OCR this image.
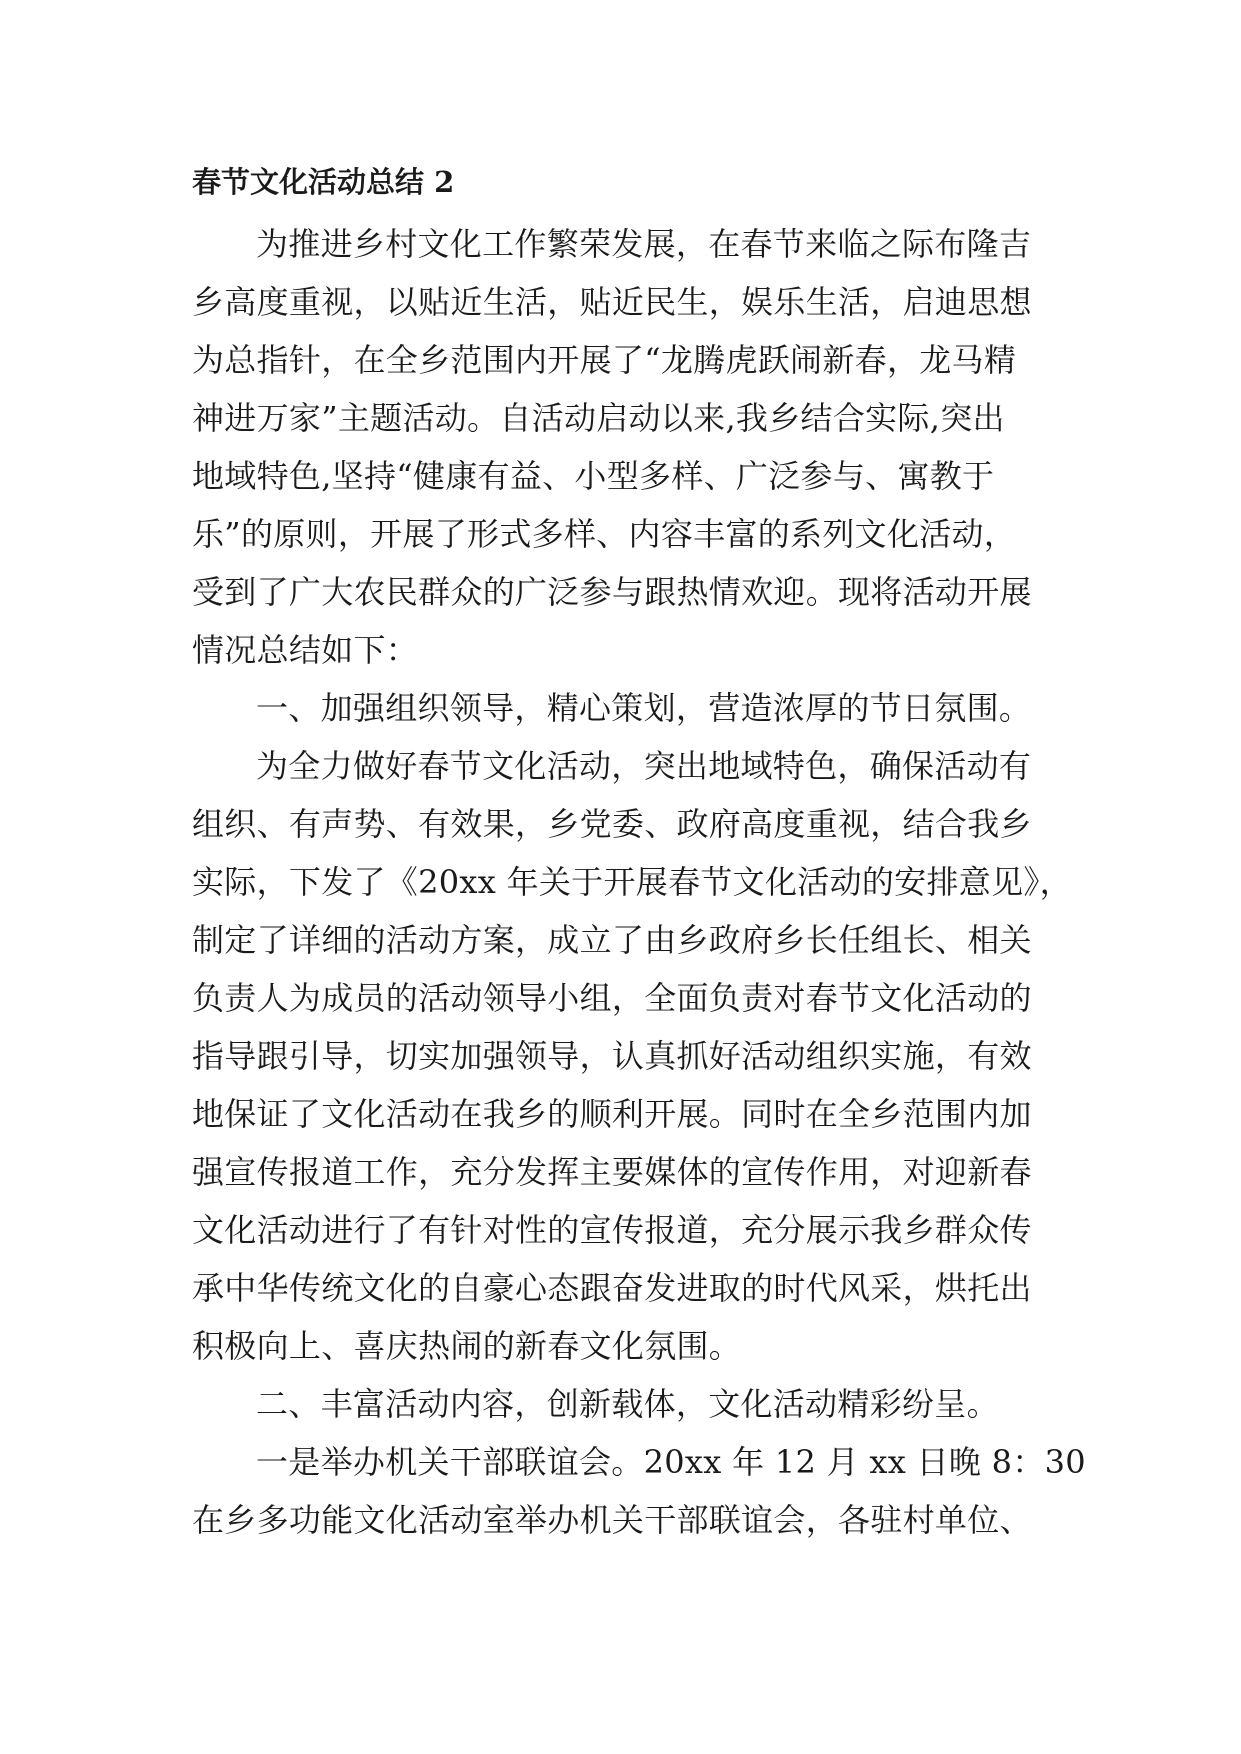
春节文化活动总结 2
为推进乡村文化工作繁荣发展，在春节来临之际布隆吉
乡高度重视，以贴近生活，贴近民生，娱乐生活，启迪思想
为总指针，在全乡范围内开展了“龙腾虎跃闹新春，龙马精
神进万家”主题活动。自活动启动以来,我乡结合实际,突出
地域特色,坚持“健康有益、小型多样、广泛参与、寓教于
乐”的原则，开展了形式多样、内容丰富的系列文化活动，
受到了广大农民群众的广泛参与跟热情欢迎。现将活动开展
情况总结如下：
一、加强组织领导，精心策划，营造浓厚的节日氛围。
为全力做好春节文化活动，突出地域特色，确保活动有
组织、有声势、有效果，乡党委、政府高度重视，结合我乡
实际，下发了《20xx 年关于开展春节文化活动的安排意见》，
制定了详细的活动方案，成立了由乡政府乡长任组长、相关
负责人为成员的活动领导小组，全面负责对春节文化活动的
指导跟引导，切实加强领导，认真抓好活动组织实施，有效
地保证了文化活动在我乡的顺利开展。同时在全乡范围内加
强宣传报道工作，充分发挥主要媒体的宣传作用，对迎新春
文化活动进行了有针对性的宣传报道，充分展示我乡群众传
承中华传统文化的自豪心态跟奋发进取的时代风采，烘托出
积极向上、喜庆热闹的新春文化氛围。
二、丰富活动内容，创新载体，文化活动精彩纷呈。
一是举办机关干部联谊会。20xx 年 12 月 xx 日晚 8：30
在乡多功能文化活动室举办机关干部联谊会，各驻村单位、
